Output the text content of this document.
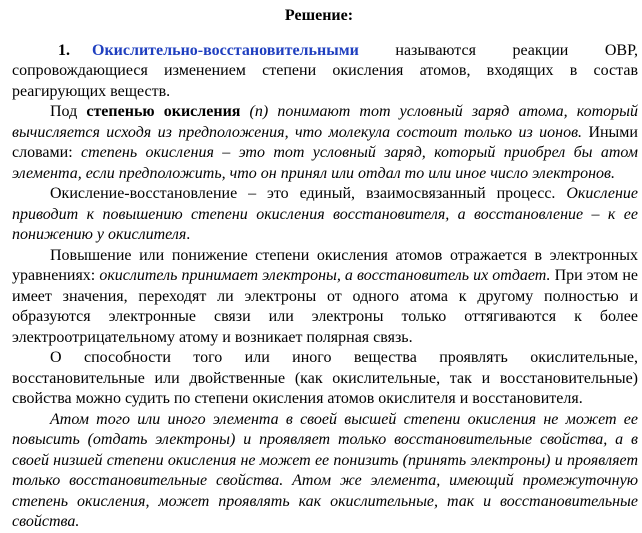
Решение:

1. Окислительно-восстановительными называются реакции ОВР, сопровождающиеся изменением степени окисления атомов, входящих в состав реагирующих веществ.

Под степенью окисления (n) понимают тот условный заряд атома, который вычисляется исходя из предположения, что молекула состоит только из ионов. Иными словами: степень окисления – это тот условный заряд, который приобрел бы атом элемента, если предположить, что он принял или отдал то или иное число электронов.

Окисление-восстановление – это единый, взаимосвязанный процесс. Окисление приводит к повышению степени окисления восстановителя, а восстановление – к ее понижению у окислителя.

Повышение или понижение степени окисления атомов отражается в электронных уравнениях: окислитель принимает электроны, а восстановитель их отдает. При этом не имеет значения, переходят ли электроны от одного атома к другому полностью и образуются электронные связи или электроны только оттягиваются к более электроотрицательному атому и возникает полярная связь.

О способности того или иного вещества проявлять окислительные, восстановительные или двойственные (как окислительные, так и восстановительные) свойства можно судить по степени окисления атомов окислителя и восстановителя.

Атом того или иного элемента в своей высшей степени окисления не может ее повысить (отдать электроны) и проявляет только восстановительные свойства, а в своей низшей степени окисления не может ее понизить (принять электроны) и проявляет только восстановительные свойства. Атом же элемента, имеющий промежуточную степень окисления, может проявлять как окислительные, так и восстановительные свойства.
